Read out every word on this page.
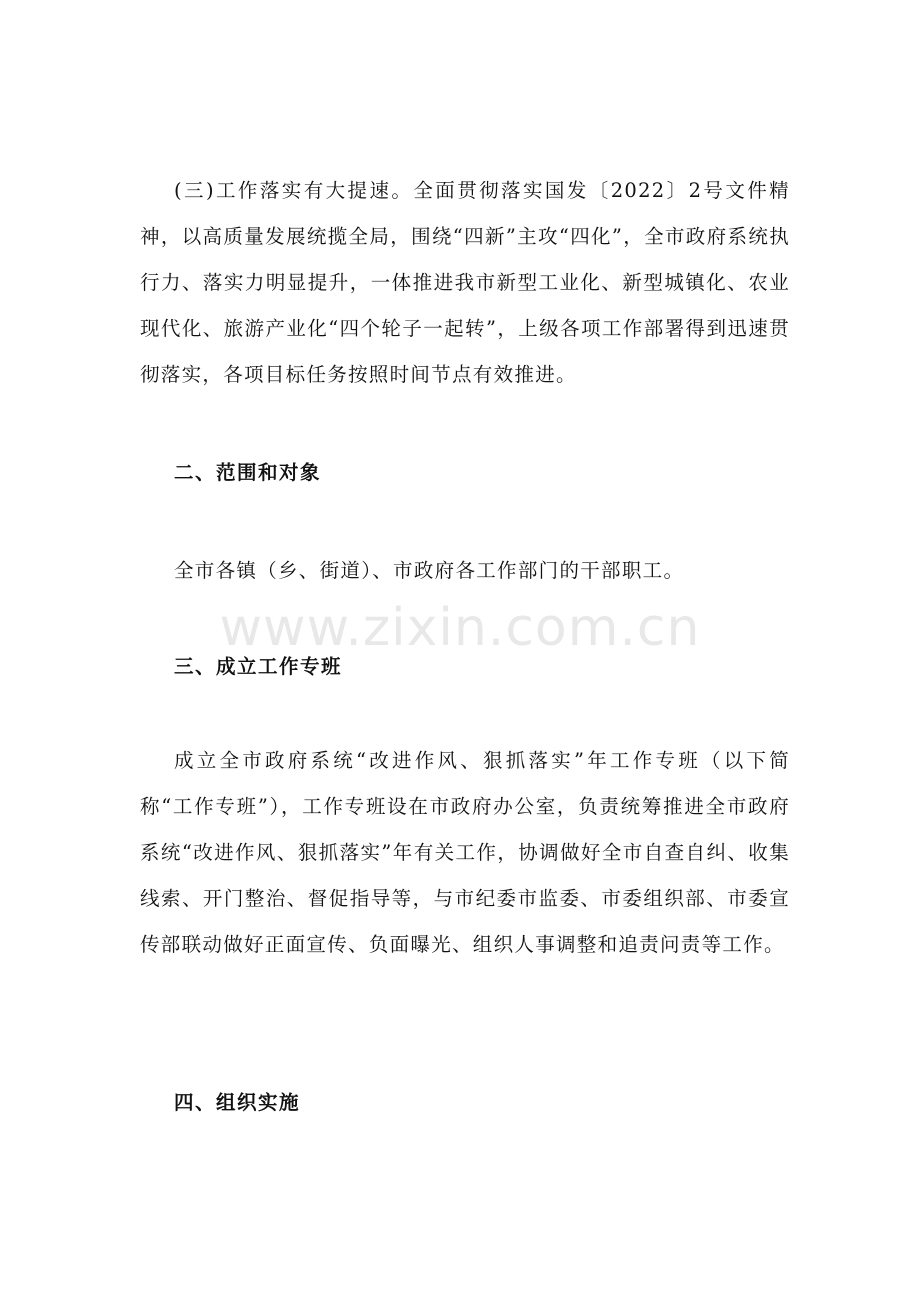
(三)工作落实有大提速。全面贯彻落实国发〔2022〕2号文件精神，以高质量发展统揽全局，围绕“四新”主攻“四化”，全市政府系统执行力、落实力明显提升，一体推进我市新型工业化、新型城镇化、农业现代化、旅游产业化“四个轮子一起转”，上级各项工作部署得到迅速贯彻落实，各项目标任务按照时间节点有效推进。

二、范围和对象

全市各镇（乡、街道）、市政府各工作部门的干部职工。

www.zixin.com.cn
三、成立工作专班

成立全市政府系统“改进作风、狠抓落实”年工作专班（以下简称“工作专班”），工作专班设在市政府办公室，负责统筹推进全市政府系统“改进作风、狠抓落实”年有关工作，协调做好全市自查自纠、收集线索、开门整治、督促指导等，与市纪委市监委、市委组织部、市委宣传部联动做好正面宣传、负面曝光、组织人事调整和追责问责等工作。

四、组织实施
